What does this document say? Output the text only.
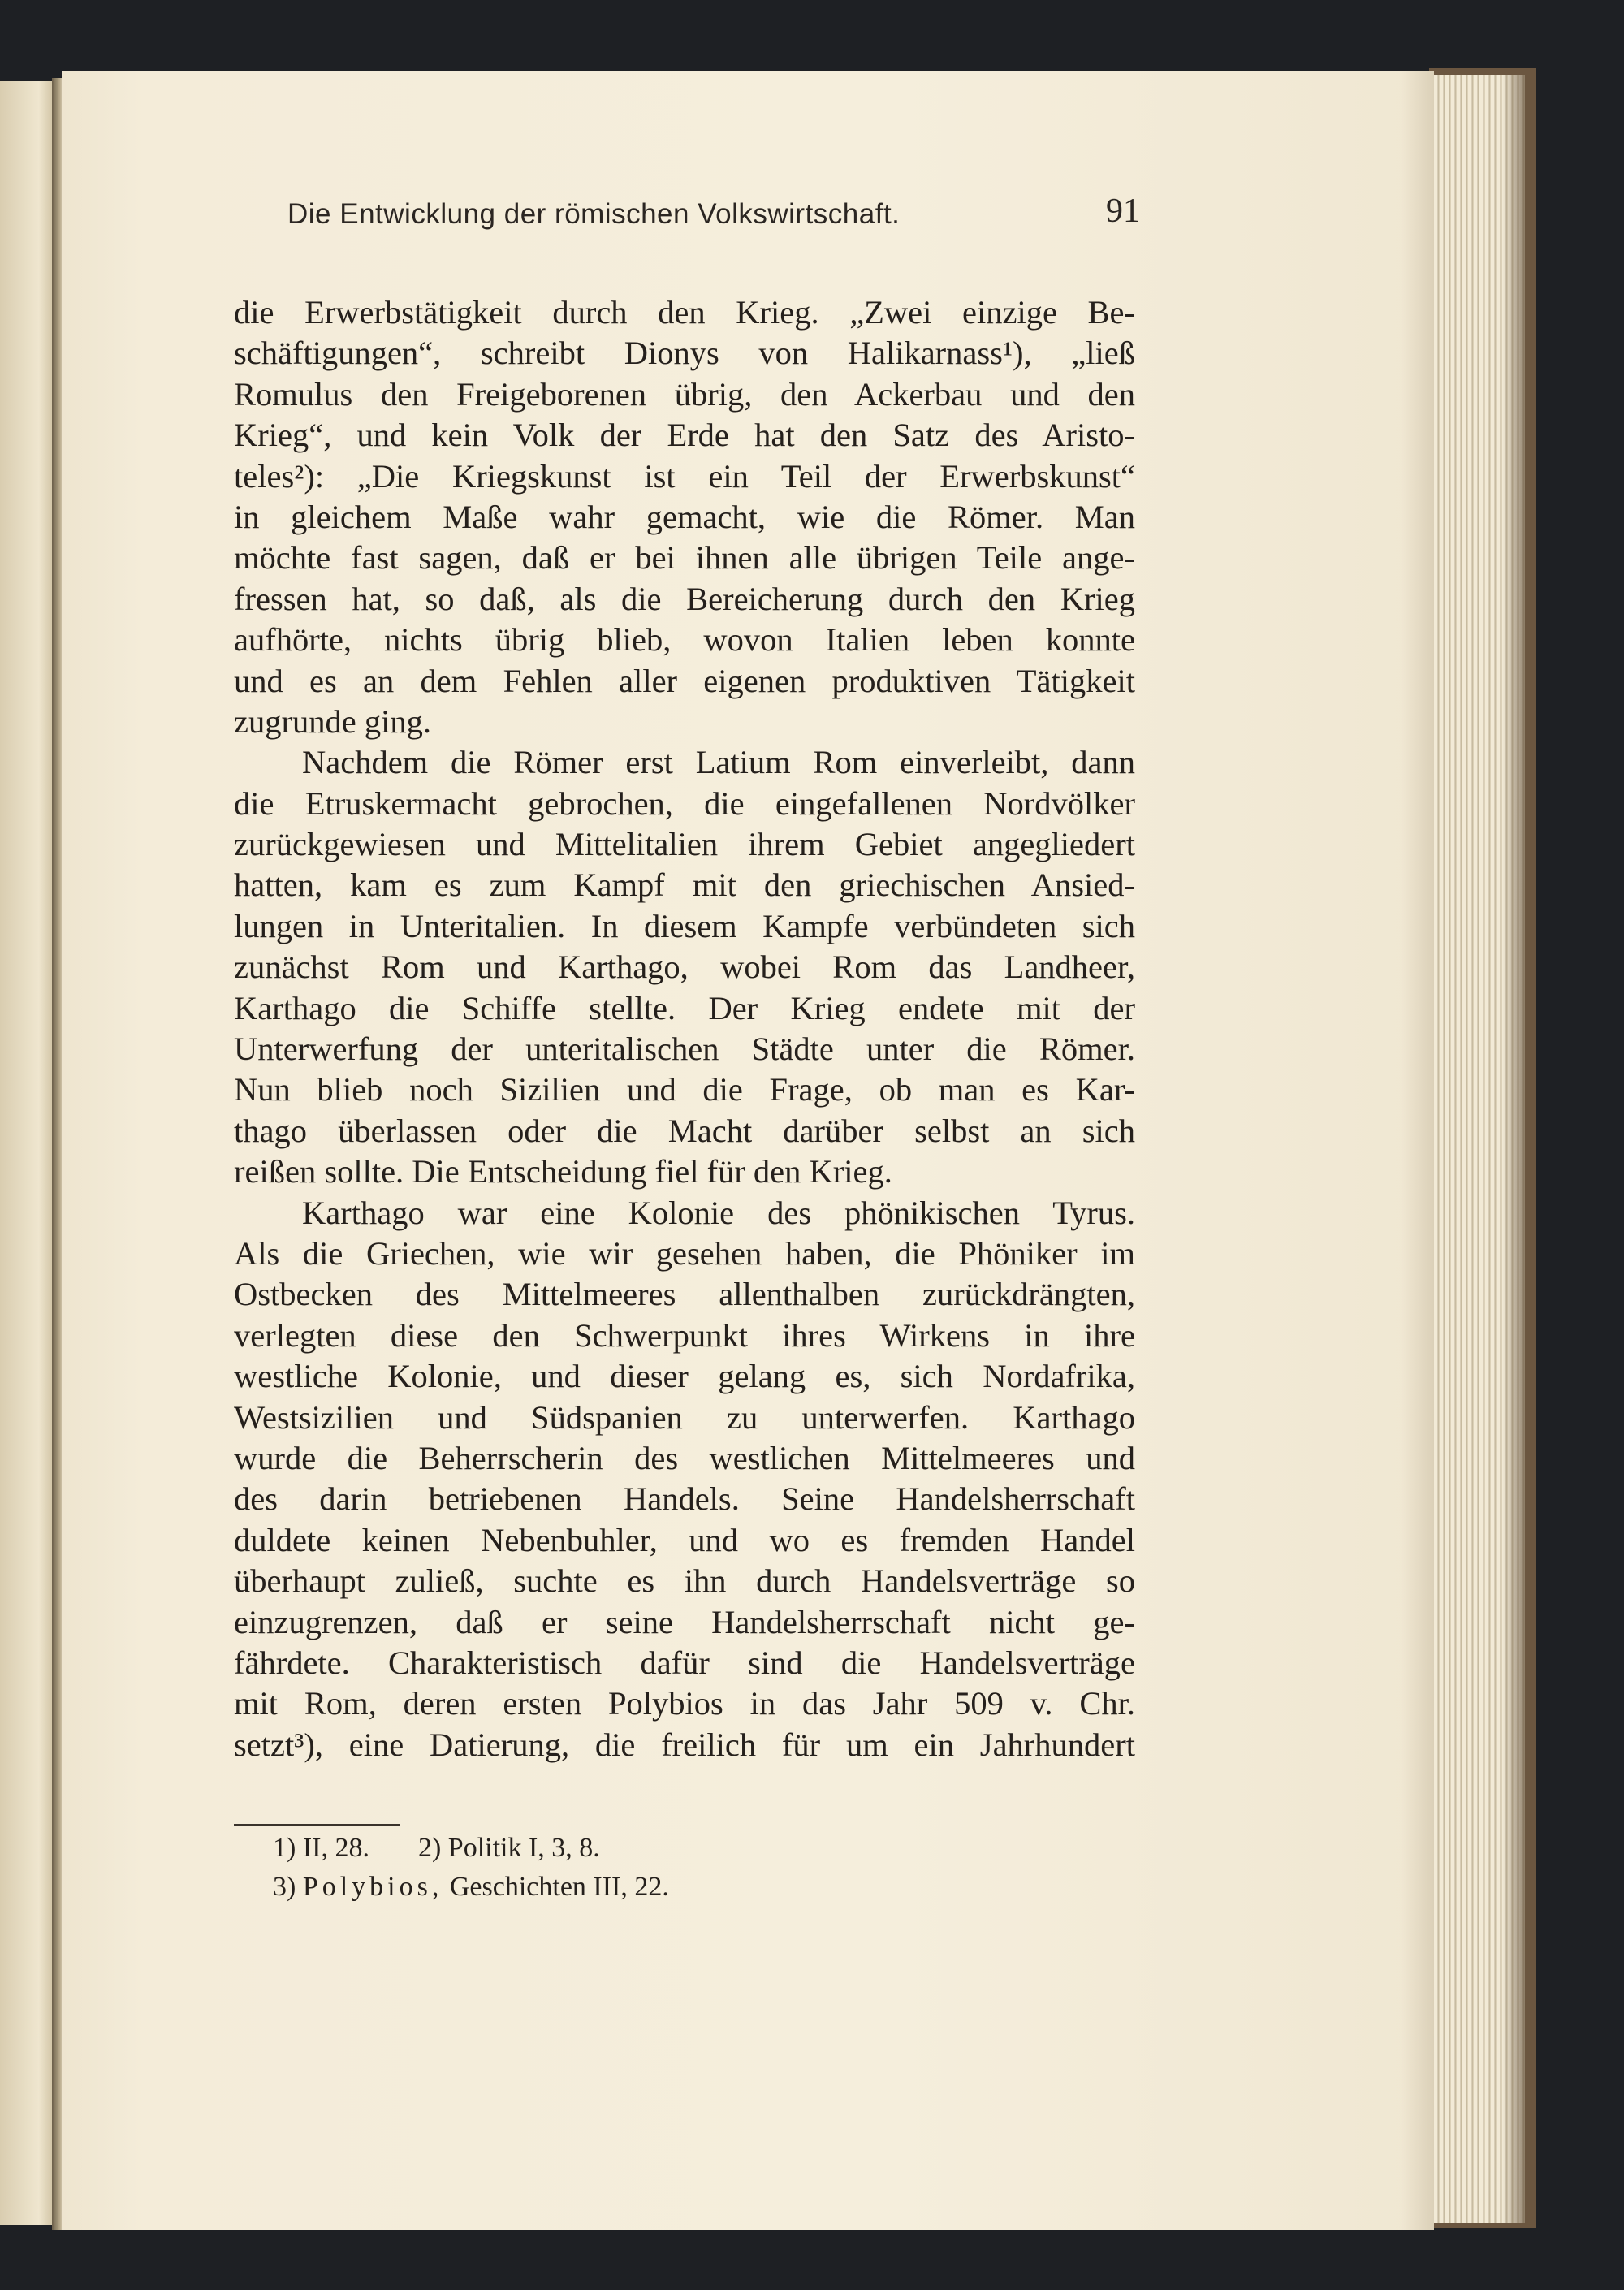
Die Entwicklung der römischen Volkswirtschaft.	91
die Erwerbstätigkeit durch den Krieg. „Zwei einzige Be-
schäftigungen“, schreibt Dionys von Halikarnass¹), „ließ
Romulus den Freigeborenen übrig, den Ackerbau und den
Krieg“, und kein Volk der Erde hat den Satz des Aristo-
teles²): „Die Kriegskunst ist ein Teil der Erwerbskunst“
in gleichem Maße wahr gemacht, wie die Römer. Man
möchte fast sagen, daß er bei ihnen alle übrigen Teile ange-
fressen hat, so daß, als die Bereicherung durch den Krieg
aufhörte, nichts übrig blieb, wovon Italien leben konnte
und es an dem Fehlen aller eigenen produktiven Tätigkeit
zugrunde ging.
Nachdem die Römer erst Latium Rom einverleibt, dann
die Etruskermacht gebrochen, die eingefallenen Nordvölker
zurückgewiesen und Mittelitalien ihrem Gebiet angegliedert
hatten, kam es zum Kampf mit den griechischen Ansied-
lungen in Unteritalien. In diesem Kampfe verbündeten sich
zunächst Rom und Karthago, wobei Rom das Landheer,
Karthago die Schiffe stellte. Der Krieg endete mit der
Unterwerfung der unteritalischen Städte unter die Römer.
Nun blieb noch Sizilien und die Frage, ob man es Kar-
thago überlassen oder die Macht darüber selbst an sich
reißen sollte. Die Entscheidung fiel für den Krieg.
Karthago war eine Kolonie des phönikischen Tyrus.
Als die Griechen, wie wir gesehen haben, die Phöniker im
Ostbecken des Mittelmeeres allenthalben zurückdrängten,
verlegten diese den Schwerpunkt ihres Wirkens in ihre
westliche Kolonie, und dieser gelang es, sich Nordafrika,
Westsizilien und Südspanien zu unterwerfen. Karthago
wurde die Beherrscherin des westlichen Mittelmeeres und
des darin betriebenen Handels. Seine Handelsherrschaft
duldete keinen Nebenbuhler, und wo es fremden Handel
überhaupt zuließ, suchte es ihn durch Handelsverträge so
einzugrenzen, daß er seine Handelsherrschaft nicht ge-
fährdete. Charakteristisch dafür sind die Handelsverträge
mit Rom, deren ersten Polybios in das Jahr 509 v. Chr.
setzt³), eine Datierung, die freilich für um ein Jahrhundert
1) II, 28. 2) Politik I, 3, 8.
3) Polybios, Geschichten III, 22.
